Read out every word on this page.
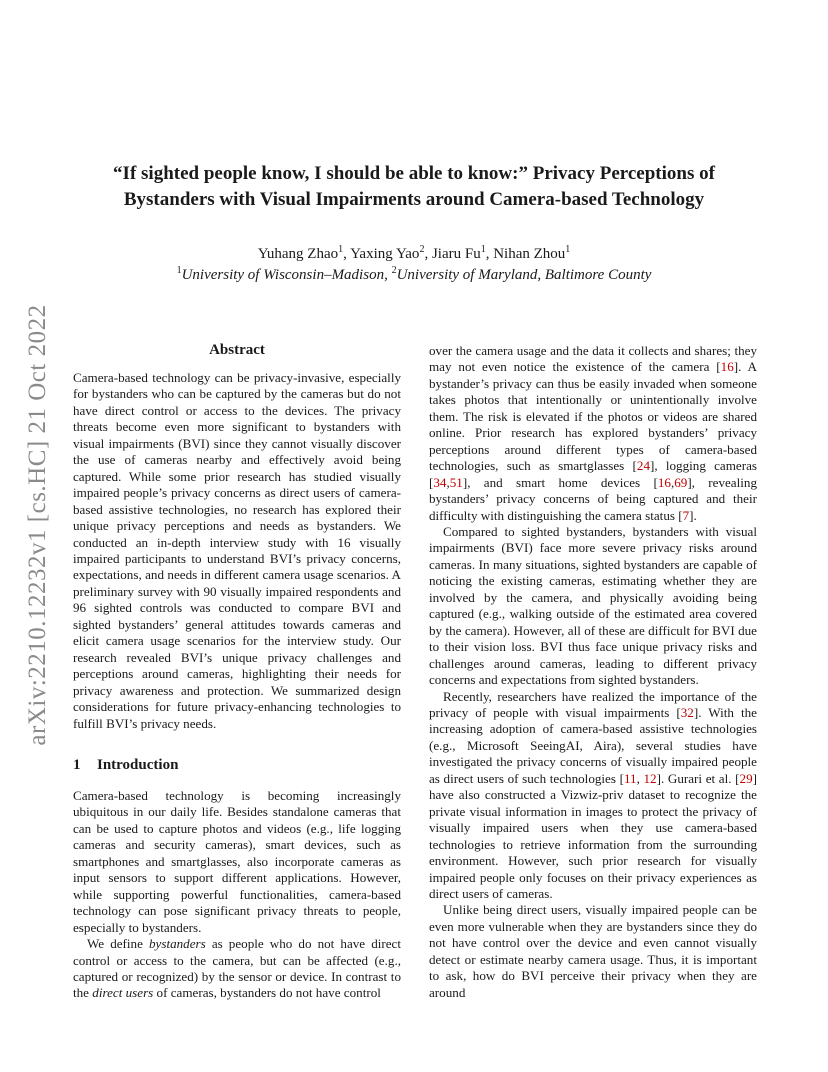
arXiv:2210.12232v1 [cs.HC] 21 Oct 2022
“If sighted people know, I should be able to know:” Privacy Perceptions of
Bystanders with Visual Impairments around Camera-based Technology
Yuhang Zhao$^1$, Yaxing Yao$^2$, Jiaru Fu$^1$, Nihan Zhou$^1$
$^1$University of Wisconsin–Madison, $^2$University of Maryland, Baltimore County
Abstract

Camera-based technology can be privacy-invasive, especially for bystanders who can be captured by the cameras but do not have direct control or access to the devices. The privacy threats become even more significant to bystanders with visual impairments (BVI) since they cannot visually discover the use of cameras nearby and effectively avoid being captured. While some prior research has studied visually impaired people’s privacy concerns as direct users of camera-based assistive technologies, no research has explored their unique privacy perceptions and needs as bystanders. We conducted an in-depth interview study with 16 visually impaired participants to understand BVI’s privacy concerns, expectations, and needs in different camera usage scenarios. A preliminary survey with 90 visually impaired respondents and 96 sighted controls was conducted to compare BVI and sighted bystanders’ general attitudes towards cameras and elicit camera usage scenarios for the interview study. Our research revealed BVI’s unique privacy challenges and perceptions around cameras, highlighting their needs for privacy awareness and protection. We summarized design considerations for future privacy-enhancing technologies to fulfill BVI’s privacy needs.

1 Introduction

Camera-based technology is becoming increasingly ubiquitous in our daily life. Besides standalone cameras that can be used to capture photos and videos (e.g., life logging cameras and security cameras), smart devices, such as smartphones and smartglasses, also incorporate cameras as input sensors to support different applications. However, while supporting powerful functionalities, camera-based technology can pose significant privacy threats to people, especially to bystanders.

We define bystanders as people who do not have direct control or access to the camera, but can be affected (e.g., captured or recognized) by the sensor or device. In contrast to the direct users of cameras, bystanders do not have control

over the camera usage and the data it collects and shares; they may not even notice the existence of the camera [16]. A bystander’s privacy can thus be easily invaded when someone takes photos that intentionally or unintentionally involve them. The risk is elevated if the photos or videos are shared online. Prior research has explored bystanders’ privacy perceptions around different types of camera-based technologies, such as smartglasses [24], logging cameras [34,51], and smart home devices [16,69], revealing bystanders’ privacy concerns of being captured and their difficulty with distinguishing the camera status [7].

Compared to sighted bystanders, bystanders with visual impairments (BVI) face more severe privacy risks around cameras. In many situations, sighted bystanders are capable of noticing the existing cameras, estimating whether they are involved by the camera, and physically avoiding being captured (e.g., walking outside of the estimated area covered by the camera). However, all of these are difficult for BVI due to their vision loss. BVI thus face unique privacy risks and challenges around cameras, leading to different privacy concerns and expectations from sighted bystanders.

Recently, researchers have realized the importance of the privacy of people with visual impairments [32]. With the increasing adoption of camera-based assistive technologies (e.g., Microsoft SeeingAI, Aira), several studies have investigated the privacy concerns of visually impaired people as direct users of such technologies [11, 12]. Gurari et al. [29] have also constructed a Vizwiz-priv dataset to recognize the private visual information in images to protect the privacy of visually impaired users when they use camera-based technologies to retrieve information from the surrounding environment. However, such prior research for visually impaired people only focuses on their privacy experiences as direct users of cameras.

Unlike being direct users, visually impaired people can be even more vulnerable when they are bystanders since they do not have control over the device and even cannot visually detect or estimate nearby camera usage. Thus, it is important to ask, how do BVI perceive their privacy when they are around
